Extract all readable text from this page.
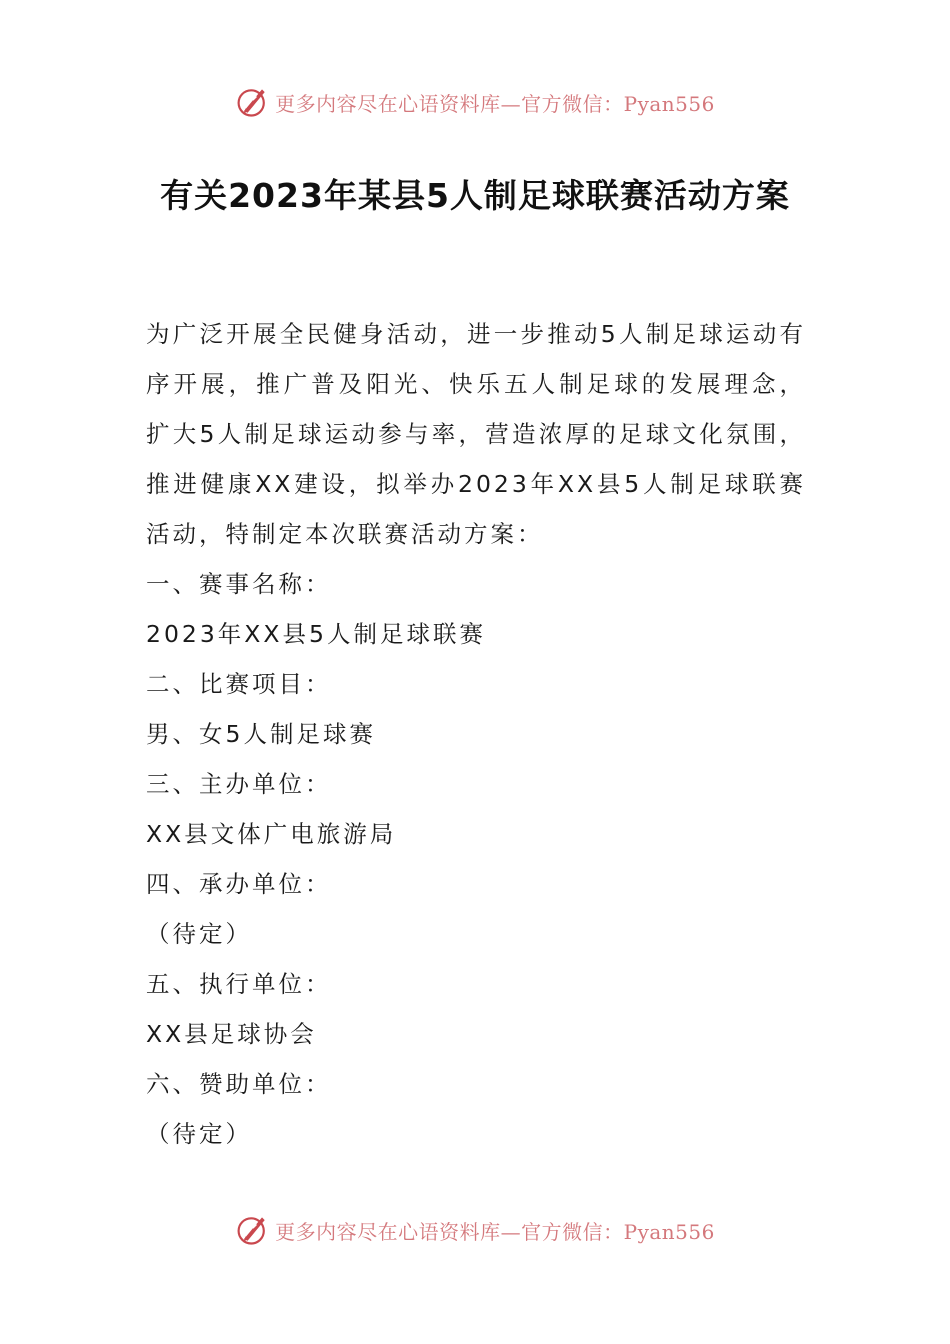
更多内容尽在心语资料库—官方微信：Pyan556
有关2023年某县5人制足球联赛活动方案

为广泛开展全民健身活动，进一步推动5人制足球运动有序开展，推广普及阳光、快乐五人制足球的发展理念，扩大5人制足球运动参与率，营造浓厚的足球文化氛围，推进健康XX建设，拟举办2023年XX县5人制足球联赛活动，特制定本次联赛活动方案：

一、赛事名称：

2023年XX县5人制足球联赛

二、比赛项目：

男、女5人制足球赛

三、主办单位：

XX县文体广电旅游局

四、承办单位：

（待定）

五、执行单位：

XX县足球协会

六、赞助单位：

（待定）

更多内容尽在心语资料库—官方微信：Pyan556
